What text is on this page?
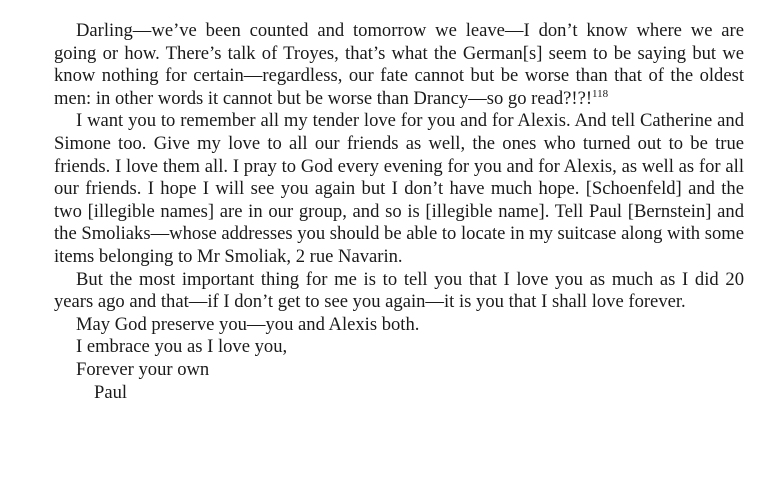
Darling—we’ve been counted and tomorrow we leave—I don’t know where we are going or how. There’s talk of Troyes, that’s what the German[s] seem to be saying but we know nothing for certain—regardless, our fate cannot but be worse than that of the oldest men: in other words it cannot but be worse than Drancy—so go read?!?!$^{118}$

I want you to remember all my tender love for you and for Alexis. And tell Catherine and Simone too. Give my love to all our friends as well, the ones who turned out to be true friends. I love them all. I pray to God every evening for you and for Alexis, as well as for all our friends. I hope I will see you again but I don’t have much hope. [Schoenfeld] and the two [illegible names] are in our group, and so is [illegible name]. Tell Paul [Bernstein] and the Smoliaks—whose addresses you should be able to locate in my suitcase along with some items belonging to Mr Smoliak, 2 rue Navarin.

But the most important thing for me is to tell you that I love you as much as I did 20 years ago and that—if I don’t get to see you again—it is you that I shall love forever.

May God preserve you—you and Alexis both.

I embrace you as I love you,

Forever your own

Paul
